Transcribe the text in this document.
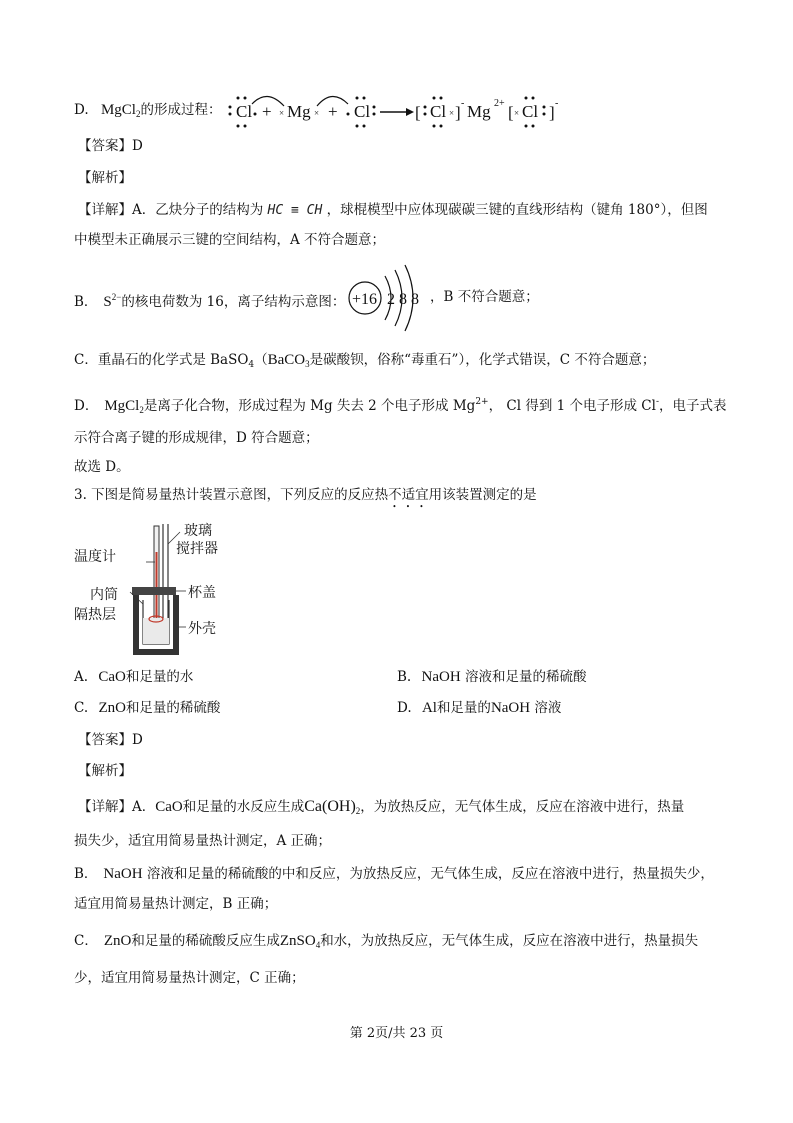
D. MgCl$_2$的形成过程： Cl + × Mg × + Cl	[ Cl × ] - Mg 2+ [ × Cl ] -
【答案】D
【解析】
【详解】A．乙炔分子的结构为 HC ≡ CH ，球棍模型中应体现碳碳三键的直线形结构（键角 180°），但图
中模型未正确展示三键的空间结构，A 不符合题意；
B． $S^{2-}$的核电荷数为 16，离子结构示意图： +16 2 8 8 ，B 不符合题意；
C．重晶石的化学式是 BaSO$_4$（BaCO$_3$是碳酸钡，俗称“毒重石”），化学式错误，C 不符合题意；
D． MgCl$_2$是离子化合物，形成过程为 Mg 失去 2 个电子形成 $Mg^{2+}$， Cl 得到 1 个电子形成 Cl-，电子式表
示符合离子键的形成规律，D 符合题意；
故选 D。
3. 下图是简易量热计装置示意图，下列反应的反应热不适宜用该装置测定的是
温度计
玻璃
搅拌器
内筒
隔热层
杯盖
外壳
A. CaO和足量的水	B. NaOH 溶液和足量的稀硫酸
C. ZnO和足量的稀硫酸	D. Al和足量的NaOH 溶液
【答案】D
【解析】
【详解】A．CaO和足量的水反应生成$Ca(OH)_2$，为放热反应，无气体生成，反应在溶液中进行，热量
损失少，适宜用简易量热计测定，A 正确；
B． NaOH 溶液和足量的稀硫酸的中和反应，为放热反应，无气体生成，反应在溶液中进行，热量损失少，
适宜用简易量热计测定，B 正确；
C． ZnO和足量的稀硫酸反应生成ZnSO$_4$和水，为放热反应，无气体生成，反应在溶液中进行，热量损失
少，适宜用简易量热计测定，C 正确；
第 2页/共 23 页
